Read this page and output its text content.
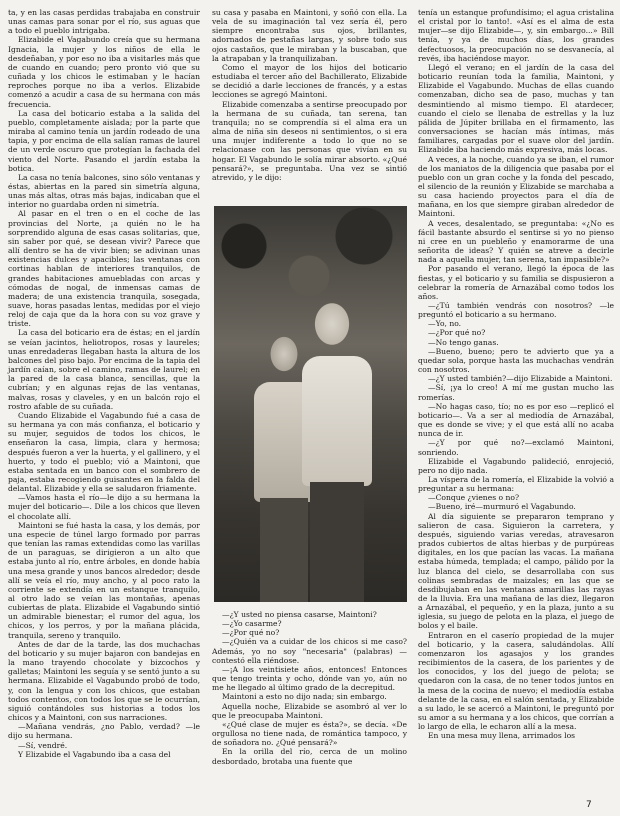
ta, y en las casas perdidas trabajaba en construir unas camas para sonar por el río, sus aguas que a todo el pueblo intrigaba.

Elizabide el Vagabundo creía que su hermana Ignacia, la mujer y los niños de ella le desdeñaban, y por eso no iba a visitarles más que de cuando en cuando; pero pronto vió que su cuñada y los chicos le estimaban y le hacían reproches porque no iba a verlos. Elizabide comenzó a acudir a casa de su hermana con más frecuencia.

La casa del boticario estaba a la salida del pueblo, completamente aislada; por la parte que miraba al camino tenía un jardín rodeado de una tapia, y por encima de ella salían ramas de laurel de un verde oscuro que protegían la fachada del viento del Norte. Pasando el jardín estaba la botica.

La casa no tenía balcones, sino sólo ventanas y éstas, abiertas en la pared sin simetría alguna, unas más altas, otras más bajas, indicaban que el interior no guardaba orden ni simetría.

Al pasar en el tren o en el coche de las provincias del Norte, ¡a quién no le ha sorprendido alguna de esas casas solitarias, que, sin saber por qué, se desean vivir? Parece que allí dentro se ha de vivir bien; se adivinan unas existencias dulces y apacibles; las ventanas con cortinas hablan de interiores tranquilos, de grandes habitaciones amuebladas con arcas y cómodas de nogal, de inmensas camas de madera; de una existencia tranquila, sosegada, suave, horas pasadas lentas, medidas por el viejo reloj de caja que da la hora con su voz grave y triste.

La casa del boticario era de éstas; en el jardín se veían jacintos, heliotropos, rosas y laureles; unas enredaderas llegaban hasta la altura de los balcones del piso bajo. Por encima de la tapia del jardín caían, sobre el camino, ramas de laurel; en la pared de la casa blanca, sencillas, que la cubrían; y en algunas rejas de las ventanas, malvas, rosas y claveles, y en un balcón rojo el rostro afable de su cuñada.

Cuando Elizabide el Vagabundo fué a casa de su hermana ya con más confianza, el boticario y su mujer, seguidos de todos los chicos, le enseñaron la casa, limpia, clara y hermosa; después fueron a ver la huerta, y el gallinero, y el huerto, y todo el pueblo; vió a Maintoni, que estaba sentada en un banco con el sombrero de paja, estaba recogiendo guisantes en la falda del delantal. Elizabide y ella se saludaron friamente.

—Vamos hasta el río—le dijo a su hermana la mujer del boticario—. Dile a los chicos que lleven el chocolate allí.

Maintoni se fué hasta la casa, y los demás, por una especie de túnel largo formado por parras que tenían las ramas extendidas como las varillas de un paraguas, se dirigieron a un alto que estaba junto al río, entre árboles, en donde había una mesa grande y unos bancos alrededor; desde allí se veía el río, muy ancho, y al poco rato la corriente se extendía en un estanque tranquilo, al otro lado se veían las montañas, apenas cubiertas de plata. Elizabide el Vagabundo sintió un admirable bienestar; el rumor del agua, los chicos, y los perros, y por la mañana plácida, tranquila, sereno y tranquilo.

Antes de dar de la tarde, las dos muchachas del boticario y su mujer bajaron con bandejas en la mano trayendo chocolate y bizcochos y galletas; Maintoni les seguía y se sentó junto a su hermana. Elizabide el Vagabundo probó de todo, y, con la lengua y con los chicos, que estaban todos contentos, con todos los que se le ocurrían, siguió contándoles sus historias a todos los chicos y a Maintoni, con sus narraciones.

—Mañana vendrás, ¿no Pablo, verdad? —le dijo su hermana.

—Sí, vendré.

Y Elizabide el Vagabundo iba a casa del

su casa y pasaba en Maintoni, y soñó con ella. La vela de su imaginación tal vez sería él, pero siempre encontraba sus ojos, brillantes, adornados de pestañas largas, y sobre todo sus ojos castaños, que le miraban y la buscaban, que la atrapaban y la tranquilizaban.

Como el mayor de los hijos del boticario estudiaba el tercer año del Bachillerato, Elizabide se decidió a darle lecciones de francés, y a estas lecciones se agregó Maintoni.

Elizabide comenzaba a sentirse preocupado por la hermana de su cuñada, tan serena, tan tranquila; no se comprendía si el alma era un alma de niña sin deseos ni sentimientos, o si era una mujer indiferente a todo lo que no se relacionase con las personas que vivían en su hogar. El Vagabundo le solía mirar absorto. «¿Qué pensará?», se preguntaba. Una vez se sintió atrevido, y le dijo:

—¿Y usted no piensa casarse, Maintoni?

—¿Yo casarme?

—¿Por qué no?

—¿Quién va a cuidar de los chicos si me caso? Además, yo no soy "necesaria" (palabras) —contestó ella riéndose.

—¡A los veintisiete años, entonces! Entonces que tengo treinta y ocho, dónde van yo, aún no me he llegado al último grado de la decrepitud.

Maintoni a esto no dijo nada; sin embargo.

Aquella noche, Elizabide se asombró al ver lo que le preocupaba Maintoni.

«¿Qué clase de mujer es ésta?», se decía. «De orgullosa no tiene nada, de romántica tampoco, y de soñadora no. ¿Qué pensará?»

En la orilla del río, cerca de un molino desbordado, brotaba una fuente que

tenía un estanque profundísimo; el agua cristalina el cristal por lo tanto!. «Así es el alma de esta mujer—se dijo Elizabide—, y, sin embargo...» Bill tenía, y ya de muchos días, los grandes defectuosos, la preocupación no se desvanecía, al revés, iba haciéndose mayor.

Llegó el verano; en el jardín de la casa del boticario reunían toda la familia, Maintoni, y Elizabide el Vagabundo. Muchas de ellas cuando comenzaban, dicho sea de paso, muchas y tan desmintiendo al mismo tiempo. El atardecer, cuando el cielo se llenaba de estrellas y la luz pálida de Júpiter brillaba en el firmamento, las conversaciones se hacían más íntimas, más familiares, cargadas por el suave olor del jardín. Elizabide iba haciendo más expresiva, más locas.

A veces, a la noche, cuando ya se iban, el rumor de los maniatos de la diligencia que pasaba por el pueblo con un gran coche y la fonda del pescado, el silencio de la reunión y Elizabide se marchaba a su casa haciendo proyectos para el día de mañana, en los que siempre giraban alrededor de Maintoni.

A veces, desalentado, se preguntaba: «¿No es fácil bastante absurdo el sentirse si yo no pienso ni cree en un puebleño y enamorarme de una señorita de ideas? Y quién se atreve a decirle nada a aquella mujer, tan serena, tan impasible?»

Por pasando el verano, llegó la época de las fiestas, y el boticario y su familia se dispusieron a celebrar la romería de Arnazábal como todos los años.

—¿Tú también vendrás con nosotros? —le preguntó el boticario a su hermano.

—Yo, no.

—¿Por qué no?

—No tengo ganas.

—Bueno, bueno; pero te advierto que ya a quedar sola, porque hasta las muchachas vendrán con nosotros.

—¿Y usted también?—dijo Elizabide a Maintoni.

—Sí, ¡ya lo creo! A mí me gustan mucho las romerías.

—No hagas caso, tío; no es por eso —replicó el boticario—. Va a ser al mediodía de Arnazábal, que es donde se vive; y el que está allí no acaba nunca de ir.

—¿Y por qué no?—exclamó Maintoni, sonriendo.

Elizabide el Vagabundo palideció, enrojeció, pero no dijo nada.

La víspera de la romería, el Elizabide la volvió a preguntar a su hermana:

—Conque ¿vienes o no?

—Bueno, iré—murmuró el Vagabundo.

Al día siguiente se prepararon temprano y salieron de casa. Siguieron la carretera, y después, siguiendo varias veredas, atravesaron prados cubiertos de altas hierbas y de purpúreas digitales, en los que pacían las vacas. La mañana estaba húmeda, templada; el campo, pálido por la luz blanca del cielo, se desarrollaba con sus colinas sembradas de maizales; en las que se desdibujaban en las ventanas amarillas las rayas de la lluvia. Era una mañana de las diez, llegaron a Arnazábal, el pequeño, y en la plaza, junto a su iglesia, su juego de pelota en la plaza, el juego de bolos y el baile.

Entraron en el caserío propiedad de la mujer del boticario, y la casera, saludándolas. Allí comenzaron los agasajos y los grandes recibimientos de la casera, de los parientes y de los conocidos, y los del juego de pelota; se quedaron con la casa, de no tener todos juntos en la mesa de la cocina de nuevo; el mediodía estaba delante de la casa, en el salón sentada, y Elizabide a su lado, le se acercó a Maintoni, le preguntó por su amor a su hermana y a los chicos, que corrían a lo largo de ella, le echaron allí a la mesa.

En una mesa muy llena, arrimados los

7
